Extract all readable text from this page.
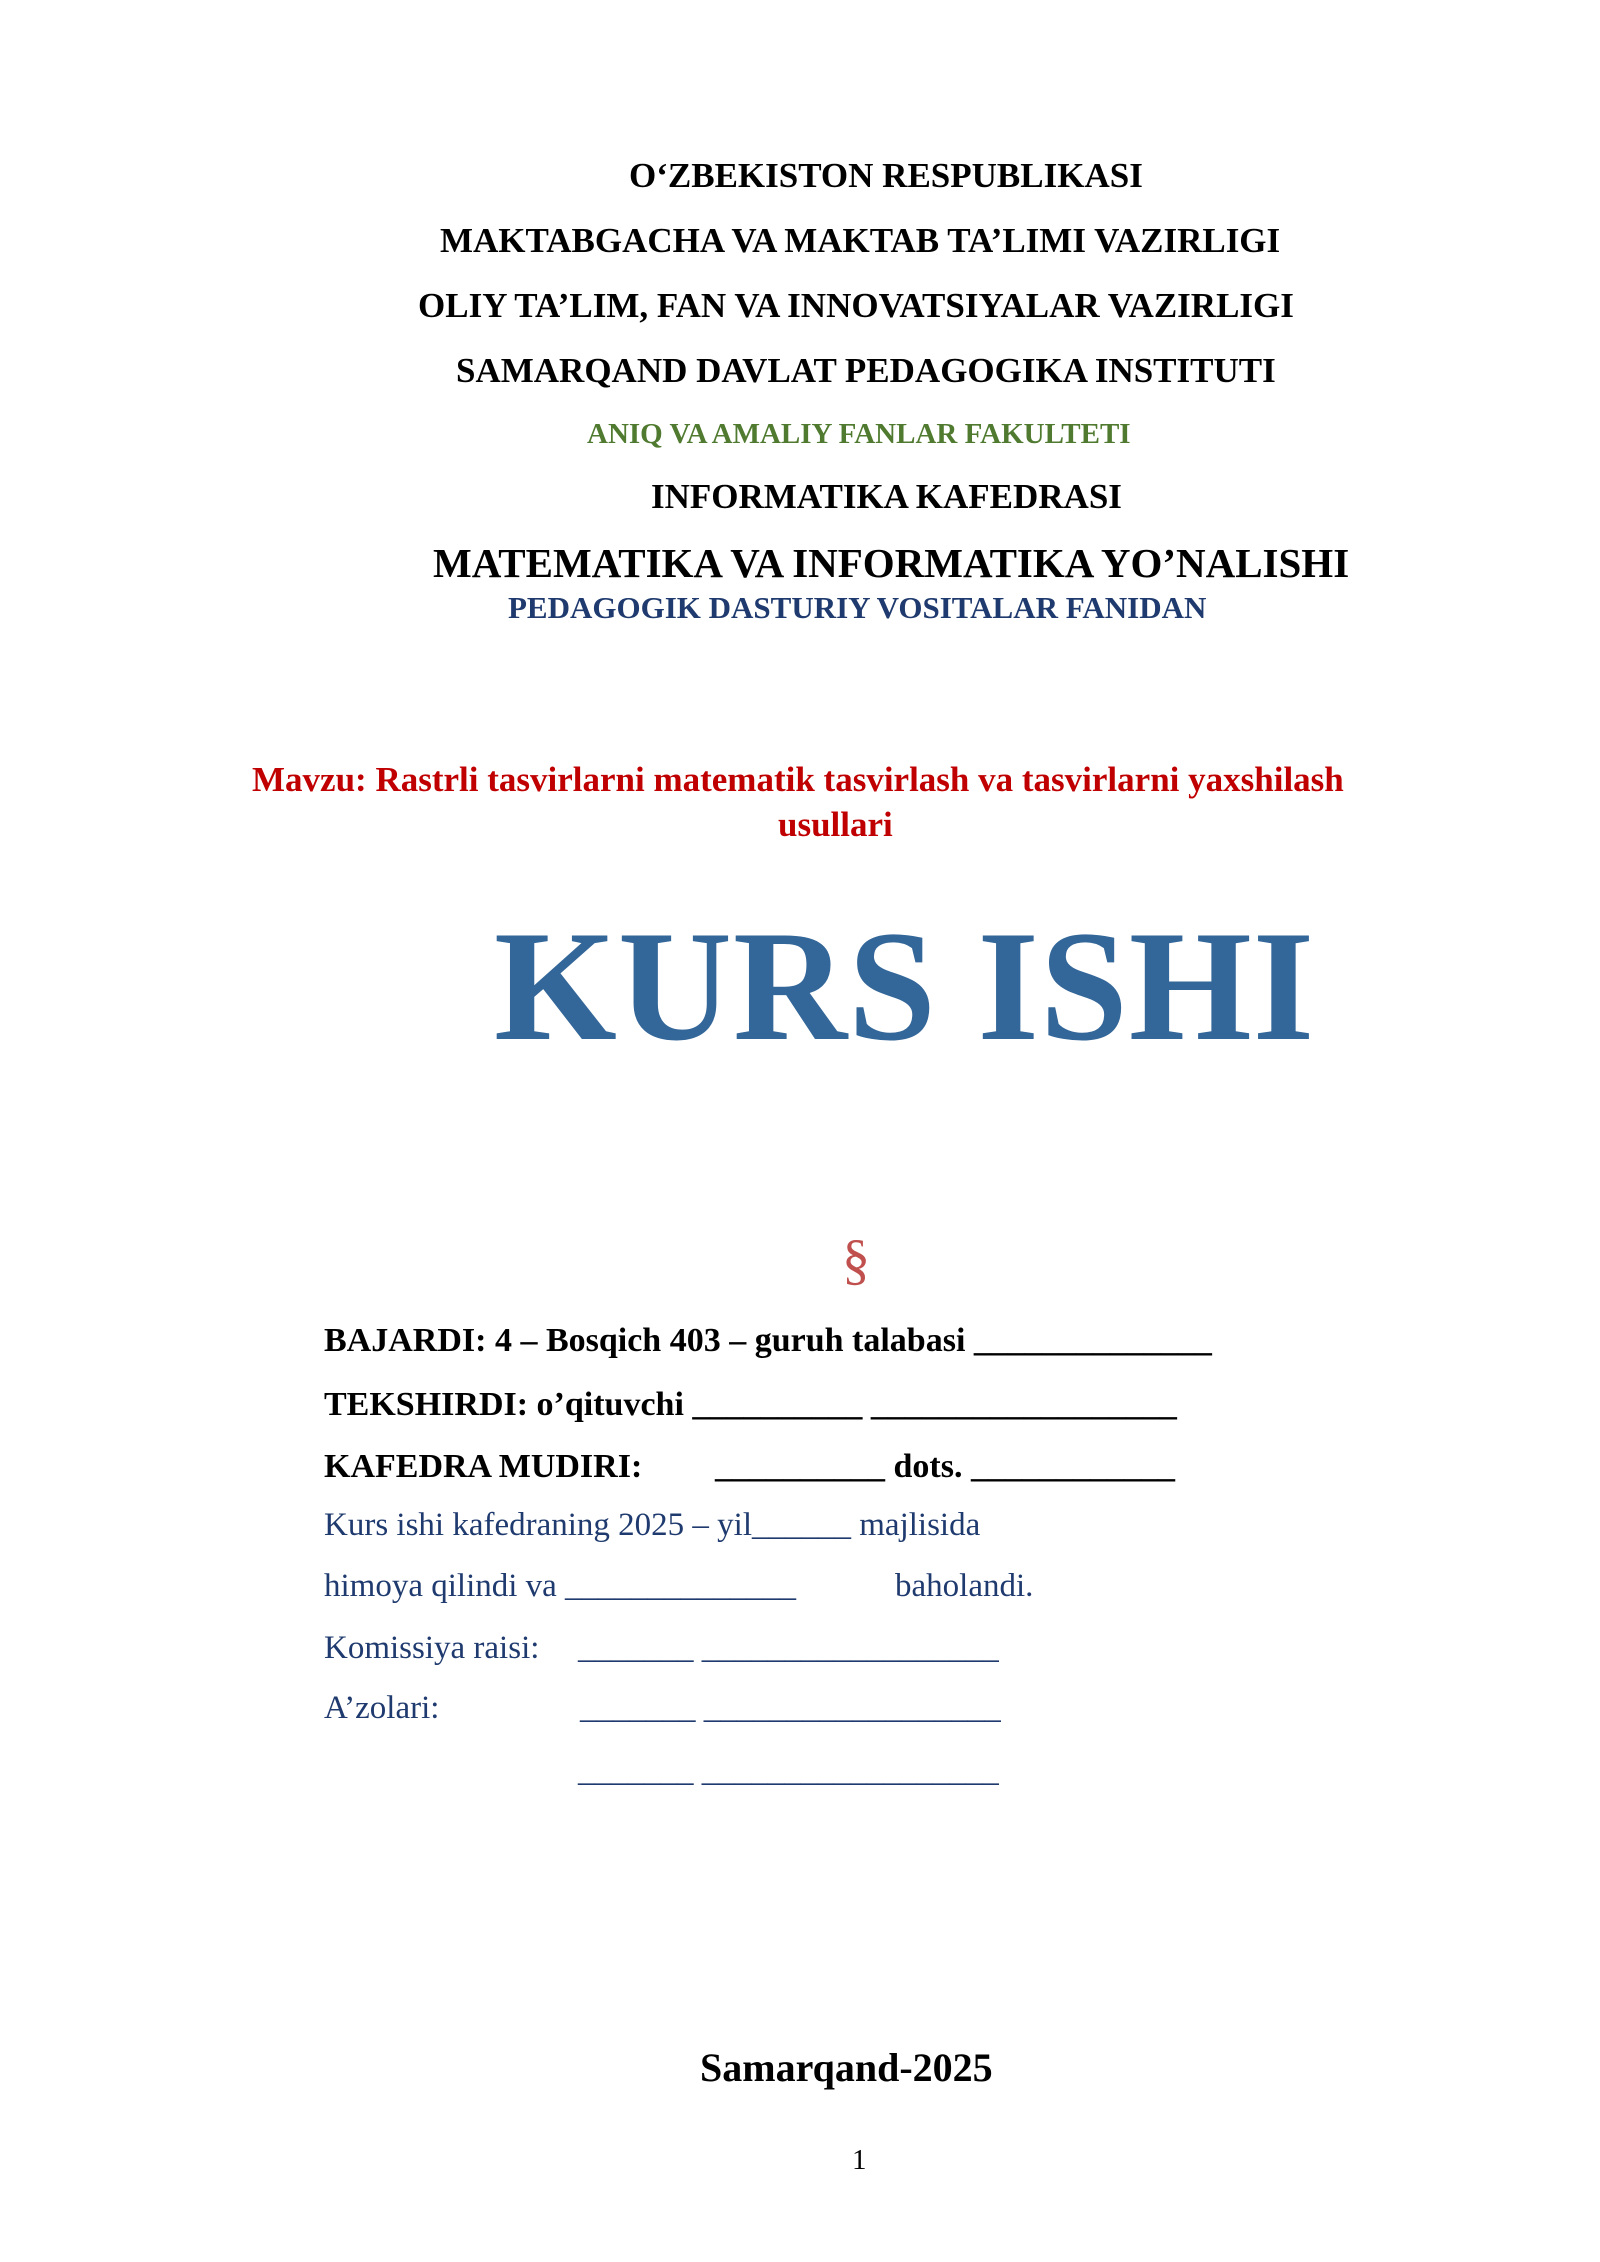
O‘ZBEKISTON RESPUBLIKASI
MAKTABGACHA VA MAKTAB TA’LIMI VAZIRLIGI
OLIY TA’LIM, FAN VA INNOVATSIYALAR VAZIRLIGI
SAMARQAND DAVLAT PEDAGOGIKA INSTITUTI
ANIQ VA AMALIY FANLAR FAKULTETI
INFORMATIKA KAFEDRASI
MATEMATIKA VA INFORMATIKA YO’NALISHI
PEDAGOGIK DASTURIY VOSITALAR FANIDAN
Mavzu: Rastrli tasvirlarni matematik tasvirlash va tasvirlarni yaxshilash
usullari
KURS ISHI
§
BAJARDI: 4 – Bosqich 403 – guruh talabasi ______________
TEKSHIRDI: o’qituvchi __________ __________________
KAFEDRA MUDIRI: __________ dots. ____________
Kurs ishi kafedraning 2025 – yil______ majlisida
himoya qilindi va ______________	baholandi.
Komissiya raisi: _______ __________________
A’zolari:	_______ __________________
_______ __________________
Samarqand-2025
1
